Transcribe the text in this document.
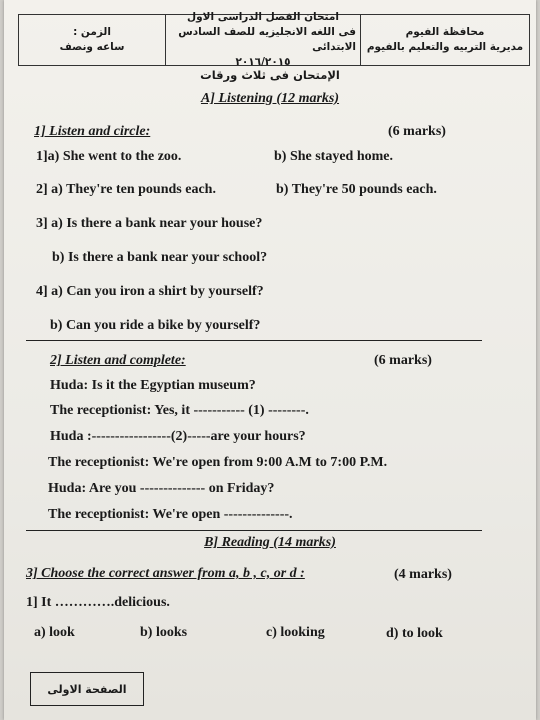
محافظة الفيوم
مديرية التربيه والتعليم بالفيوم
امتحان الفصل الدراسى الاول
فى اللغه الانجليزيه للصف السادس الابتدائى
٢٠١٦/٢٠١٥
الزمن :
ساعه ونصف
الإمتحان فى ثلاث ورقات
A] Listening (12 marks)
1] Listen and circle:	(6 marks)
1]a) She went to the zoo.	b) She stayed home.
2] a) They're ten pounds each.	b) They're 50 pounds each.
3] a) Is there a bank near your house?
b) Is there a bank near your school?
4] a) Can you iron a shirt by yourself?
b) Can you ride a bike by yourself?
2] Listen and complete:	(6 marks)
Huda: Is it the Egyptian museum?
The receptionist: Yes, it ----------- (1) --------.
Huda :-----------------(2)-----are your hours?
The receptionist: We're open from 9:00 A.M to 7:00 P.M.
Huda: Are you -------------- on Friday?
The receptionist: We're open --------------.
B] Reading (14 marks)
3] Choose the correct answer from a, b , c, or d :	(4 marks)
1] It ………….delicious.
a) look	b) looks	c) looking	d) to look
الصفحة الاولى
